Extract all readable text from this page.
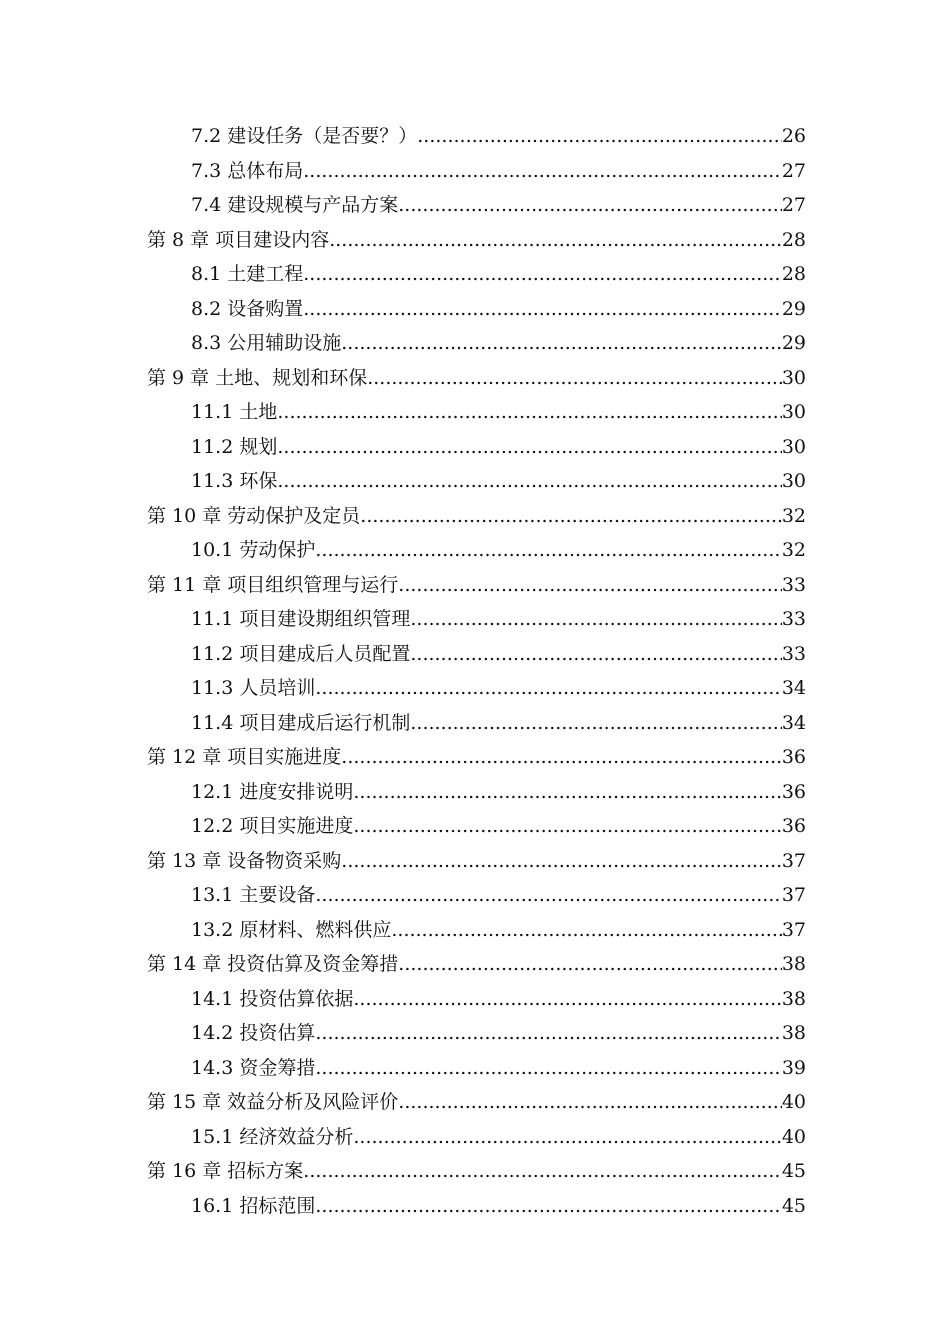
7.2 建设任务（是否要？） .....	26
7.3 总体布局 .....	27
7.4 建设规模与产品方案 .....	27
第 8 章 项目建设内容 .....	28
8.1 土建工程 .....	28
8.2 设备购置 .....	29
8.3 公用辅助设施 .....	29
第 9 章 土地、规划和环保 .....	30
11.1 土地 .....	30
11.2 规划 .....	30
11.3 环保 .....	30
第 10 章 劳动保护及定员 .....	32
10.1 劳动保护 .....	32
第 11 章 项目组织管理与运行 .....	33
11.1 项目建设期组织管理 .....	33
11.2 项目建成后人员配置 .....	33
11.3 人员培训 .....	34
11.4 项目建成后运行机制 .....	34
第 12 章 项目实施进度 .....	36
12.1 进度安排说明 .....	36
12.2 项目实施进度 .....	36
第 13 章 设备物资采购 .....	37
13.1 主要设备 .....	37
13.2 原材料、燃料供应 .....	37
第 14 章 投资估算及资金筹措 .....	38
14.1 投资估算依据 .....	38
14.2 投资估算 .....	38
14.3 资金筹措 .....	39
第 15 章 效益分析及风险评价 .....	40
15.1 经济效益分析 .....	40
第 16 章 招标方案 .....	45
16.1 招标范围 .....	45
